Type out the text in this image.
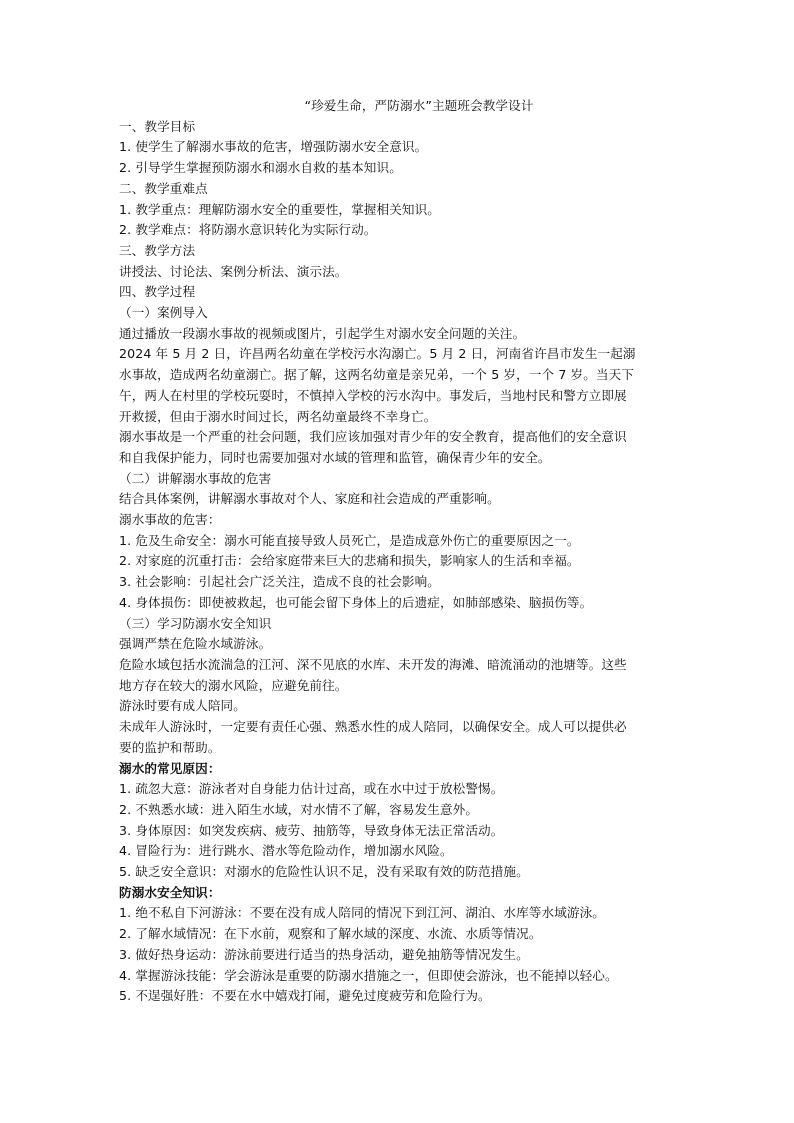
“珍爱生命，严防溺水”主题班会教学设计
一、教学目标
1. 使学生了解溺水事故的危害，增强防溺水安全意识。
2. 引导学生掌握预防溺水和溺水自救的基本知识。
二、教学重难点
1. 教学重点：理解防溺水安全的重要性，掌握相关知识。
2. 教学难点：将防溺水意识转化为实际行动。
三、教学方法
讲授法、讨论法、案例分析法、演示法。
四、教学过程
（一）案例导入
通过播放一段溺水事故的视频或图片，引起学生对溺水安全问题的关注。
2024 年 5 月 2 日，许昌两名幼童在学校污水沟溺亡。5 月 2 日，河南省许昌市发生一起溺
水事故，造成两名幼童溺亡。据了解，这两名幼童是亲兄弟，一个 5 岁，一个 7 岁。当天下
午，两人在村里的学校玩耍时，不慎掉入学校的污水沟中。事发后，当地村民和警方立即展
开救援，但由于溺水时间过长，两名幼童最终不幸身亡。
溺水事故是一个严重的社会问题，我们应该加强对青少年的安全教育，提高他们的安全意识
和自我保护能力，同时也需要加强对水域的管理和监管，确保青少年的安全。
（二）讲解溺水事故的危害
结合具体案例，讲解溺水事故对个人、家庭和社会造成的严重影响。
溺水事故的危害：
1. 危及生命安全：溺水可能直接导致人员死亡，是造成意外伤亡的重要原因之一。
2. 对家庭的沉重打击：会给家庭带来巨大的悲痛和损失，影响家人的生活和幸福。
3. 社会影响：引起社会广泛关注，造成不良的社会影响。
4. 身体损伤：即使被救起，也可能会留下身体上的后遗症，如肺部感染、脑损伤等。
（三）学习防溺水安全知识
强调严禁在危险水域游泳。
危险水域包括水流湍急的江河、深不见底的水库、未开发的海滩、暗流涌动的池塘等。这些
地方存在较大的溺水风险，应避免前往。
游泳时要有成人陪同。
未成年人游泳时，一定要有责任心强、熟悉水性的成人陪同，以确保安全。成人可以提供必
要的监护和帮助。
溺水的常见原因：
1. 疏忽大意：游泳者对自身能力估计过高，或在水中过于放松警惕。
2. 不熟悉水域：进入陌生水域，对水情不了解，容易发生意外。
3. 身体原因：如突发疾病、疲劳、抽筋等，导致身体无法正常活动。
4. 冒险行为：进行跳水、潜水等危险动作，增加溺水风险。
5. 缺乏安全意识：对溺水的危险性认识不足，没有采取有效的防范措施。
防溺水安全知识：
1. 绝不私自下河游泳：不要在没有成人陪同的情况下到江河、湖泊、水库等水域游泳。
2. 了解水域情况：在下水前，观察和了解水域的深度、水流、水质等情况。
3. 做好热身运动：游泳前要进行适当的热身活动，避免抽筋等情况发生。
4. 掌握游泳技能：学会游泳是重要的防溺水措施之一，但即使会游泳，也不能掉以轻心。
5. 不逞强好胜：不要在水中嬉戏打闹，避免过度疲劳和危险行为。
